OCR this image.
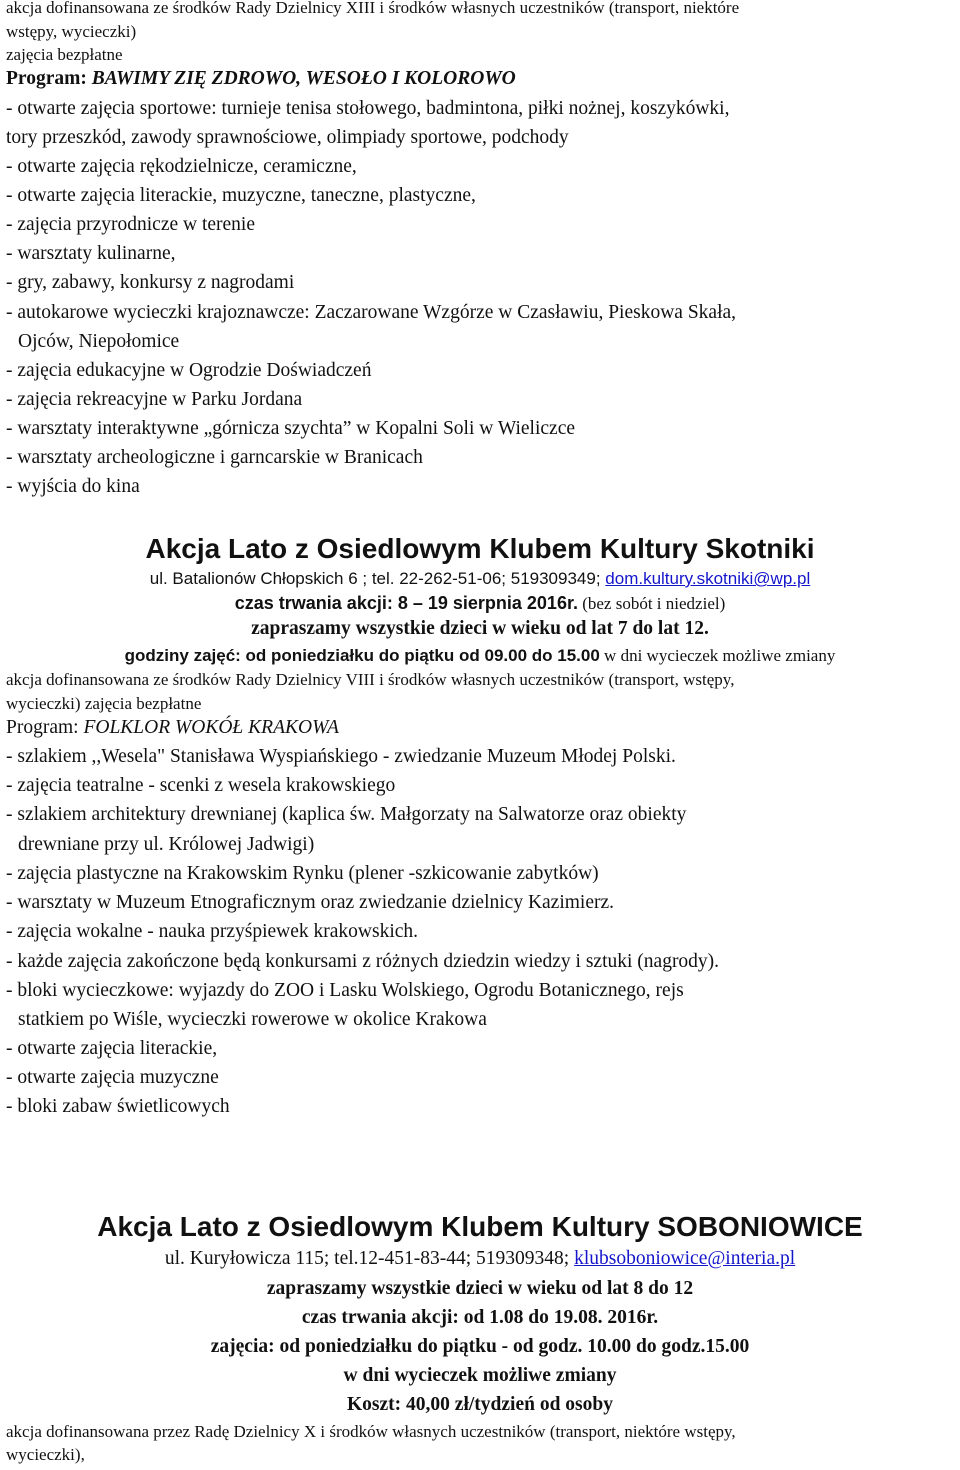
akcja dofinansowana ze środków Rady Dzielnicy XIII i środków własnych uczestników (transport, niektóre
wstępy, wycieczki)
zajęcia bezpłatne
Program: BAWIMY ZIĘ ZDROWO, WESOŁO I KOLOROWO
- otwarte zajęcia sportowe: turnieje tenisa stołowego, badmintona, piłki nożnej, koszykówki,
tory przeszkód, zawody sprawnościowe, olimpiady sportowe, podchody
- otwarte zajęcia rękodzielnicze, ceramiczne,
- otwarte zajęcia literackie, muzyczne, taneczne, plastyczne,
- zajęcia przyrodnicze w terenie
- warsztaty kulinarne,
- gry, zabawy, konkursy z nagrodami
- autokarowe wycieczki krajoznawcze: Zaczarowane Wzgórze w Czasławiu, Pieskowa Skała,
Ojców, Niepołomice
- zajęcia edukacyjne w Ogrodzie Doświadczeń
- zajęcia rekreacyjne w Parku Jordana
- warsztaty interaktywne „górnicza szychta” w Kopalni Soli w Wieliczce
- warsztaty archeologiczne i garncarskie w Branicach
- wyjścia do kina
Akcja Lato z Osiedlowym Klubem Kultury Skotniki
ul. Batalionów Chłopskich 6 ; tel. 22-262-51-06; 519309349; dom.kultury.skotniki@wp.pl
czas trwania akcji: 8 – 19 sierpnia 2016r. (bez sobót i niedziel)
zapraszamy wszystkie dzieci w wieku od lat 7 do lat 12.
godziny zajęć: od poniedziałku do piątku od 09.00 do 15.00 w dni wycieczek możliwe zmiany
akcja dofinansowana ze środków Rady Dzielnicy VIII i środków własnych uczestników (transport, wstępy,
wycieczki) zajęcia bezpłatne
Program: FOLKLOR WOKÓŁ KRAKOWA
- szlakiem ,,Wesela" Stanisława Wyspiańskiego - zwiedzanie Muzeum Młodej Polski.
- zajęcia teatralne - scenki z wesela krakowskiego
- szlakiem architektury drewnianej (kaplica św. Małgorzaty na Salwatorze oraz obiekty
drewniane przy ul. Królowej Jadwigi)
- zajęcia plastyczne na Krakowskim Rynku (plener -szkicowanie zabytków)
- warsztaty w Muzeum Etnograficznym oraz zwiedzanie dzielnicy Kazimierz.
- zajęcia wokalne - nauka przyśpiewek krakowskich.
- każde zajęcia zakończone będą konkursami z różnych dziedzin wiedzy i sztuki (nagrody).
- bloki wycieczkowe: wyjazdy do ZOO i Lasku Wolskiego, Ogrodu Botanicznego, rejs
statkiem po Wiśle, wycieczki rowerowe w okolice Krakowa
- otwarte zajęcia literackie,
- otwarte zajęcia muzyczne
- bloki zabaw świetlicowych
Akcja Lato z Osiedlowym Klubem Kultury SOBONIOWICE
ul. Kuryłowicza 115; tel.12-451-83-44; 519309348; klubsoboniowice@interia.pl
zapraszamy wszystkie dzieci w wieku od lat 8 do 12
czas trwania akcji: od 1.08 do 19.08. 2016r.
zajęcia: od poniedziałku do piątku - od godz. 10.00 do godz.15.00
w dni wycieczek możliwe zmiany
Koszt: 40,00 zł/tydzień od osoby
akcja dofinansowana przez Radę Dzielnicy X i środków własnych uczestników (transport, niektóre wstępy,
wycieczki),
